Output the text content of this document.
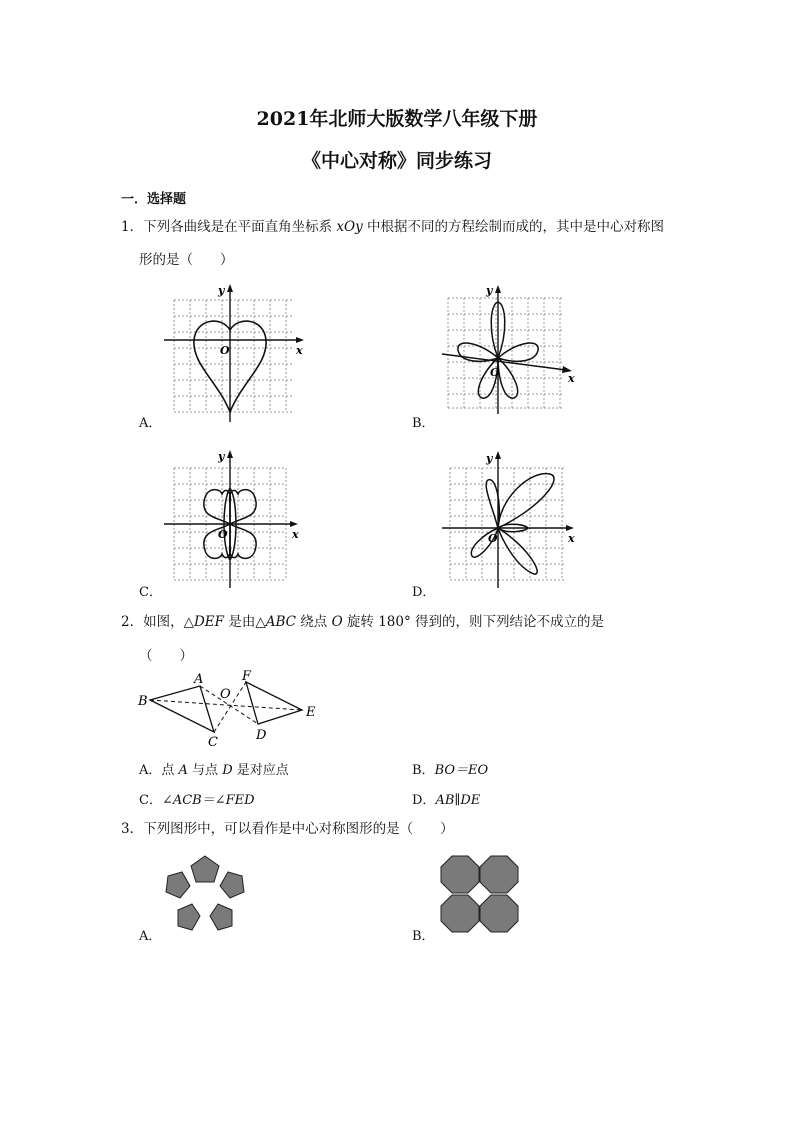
2021年北师大版数学八年级下册
《中心对称》同步练习
一．选择题
1．下列各曲线是在平面直角坐标系 xOy 中根据不同的方程绘制而成的，其中是中心对称图
形的是（　　）
O	x
y
A．
O	x
y
B．
O	x
y
C．
O	x
y
D．
2．如图，△DEF 是由△ABC 绕点 O 旋转 180° 得到的，则下列结论不成立的是
（　　）
B
A
C
O
F
E
D
A．点 A 与点 D 是对应点	B．BO＝EO
C．∠ACB＝∠FED	D．AB∥DE
3．下列图形中，可以看作是中心对称图形的是（　　）
A．	B．
